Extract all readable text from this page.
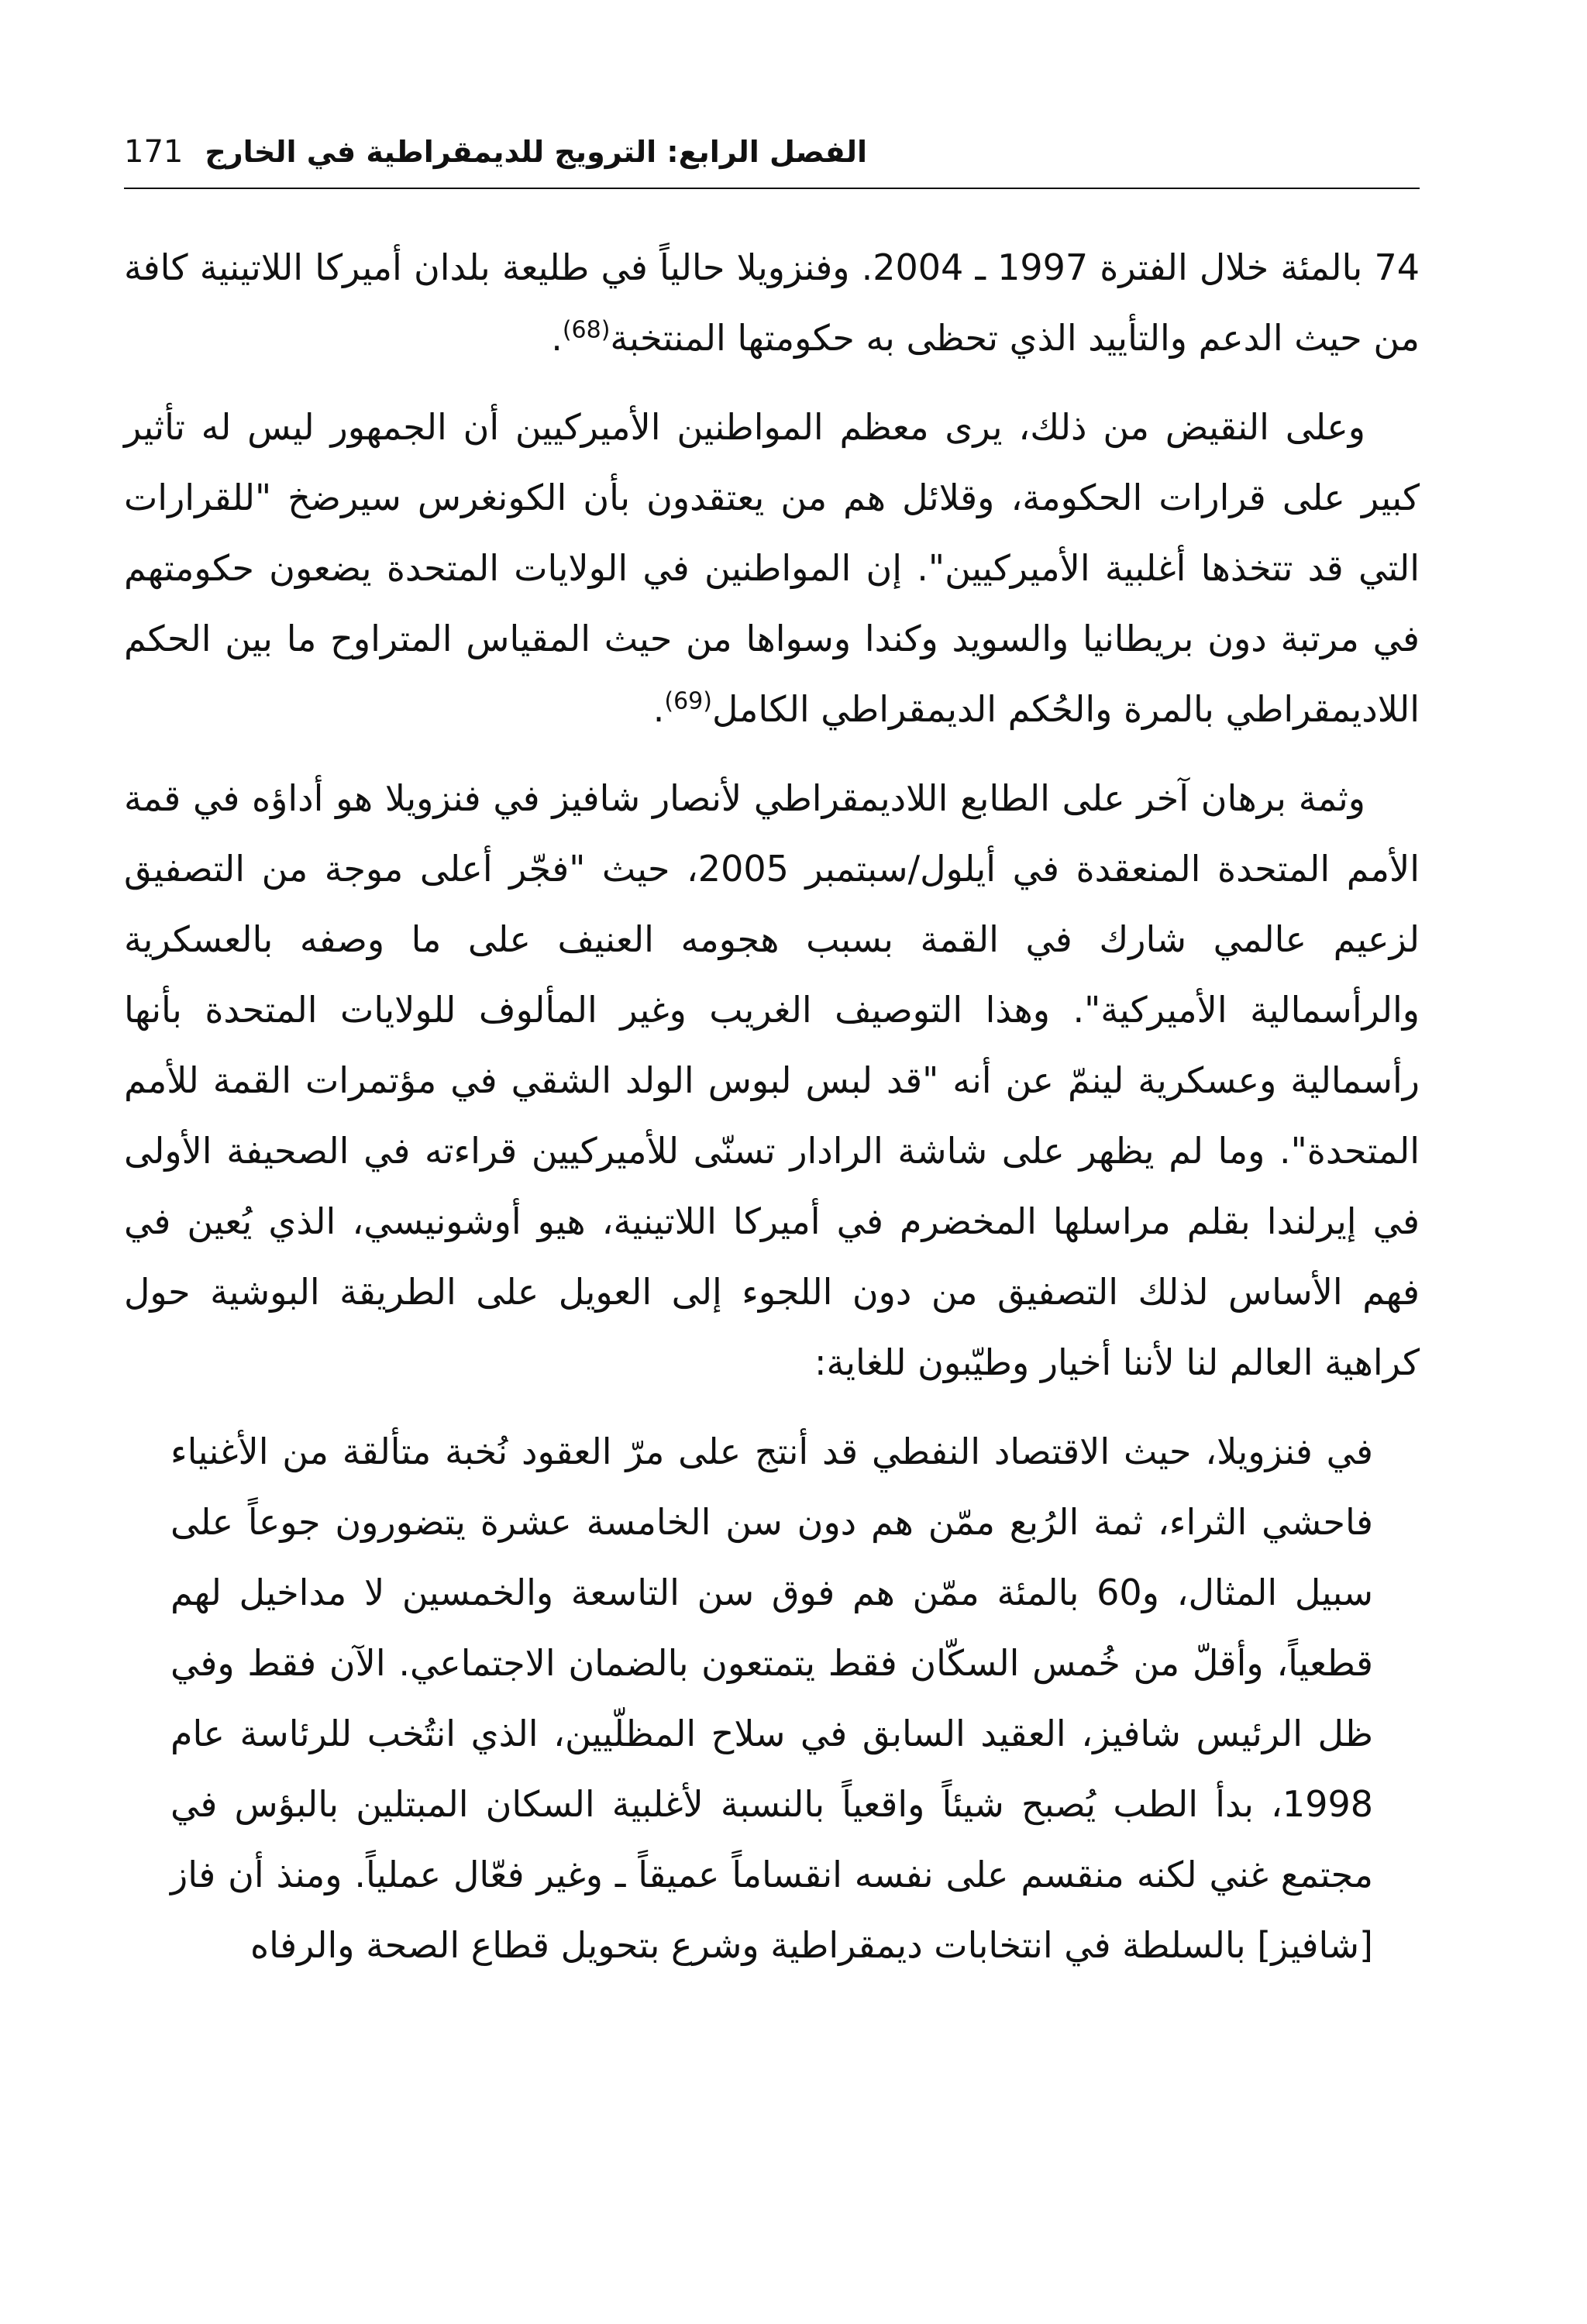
الفصل الرابع: الترويج للديمقراطية في الخارج
171

74 بالمئة خلال الفترة 1997 ـ 2004. وفنزويلا حالياً في طليعة بلدان أميركا اللاتينية كافة من حيث الدعم والتأييد الذي تحظى به حكومتها المنتخبة$^{(68)}$.

وعلى النقيض من ذلك، يرى معظم المواطنين الأميركيين أن الجمهور ليس له تأثير كبير على قرارات الحكومة، وقلائل هم من يعتقدون بأن الكونغرس سيرضخ "للقرارات التي قد تتخذها أغلبية الأميركيين". إن المواطنين في الولايات المتحدة يضعون حكومتهم في مرتبة دون بريطانيا والسويد وكندا وسواها من حيث المقياس المتراوح ما بين الحكم اللاديمقراطي بالمرة والحُكم الديمقراطي الكامل$^{(69)}$.

وثمة برهان آخر على الطابع اللاديمقراطي لأنصار شافيز في فنزويلا هو أداؤه في قمة الأمم المتحدة المنعقدة في أيلول/سبتمبر 2005، حيث "فجّر أعلى موجة من التصفيق لزعيم عالمي شارك في القمة بسبب هجومه العنيف على ما وصفه بالعسكرية والرأسمالية الأميركية". وهذا التوصيف الغريب وغير المألوف للولايات المتحدة بأنها رأسمالية وعسكرية لينمّ عن أنه "قد لبس لبوس الولد الشقي في مؤتمرات القمة للأمم المتحدة". وما لم يظهر على شاشة الرادار تسنّى للأميركيين قراءته في الصحيفة الأولى في إيرلندا بقلم مراسلها المخضرم في أميركا اللاتينية، هيو أوشونيسي، الذي يُعين في فهم الأساس لذلك التصفيق من دون اللجوء إلى العويل على الطريقة البوشية حول كراهية العالم لنا لأننا أخيار وطيّبون للغاية:

في فنزويلا، حيث الاقتصاد النفطي قد أنتج على مرّ العقود نُخبة متألقة من الأغنياء فاحشي الثراء، ثمة الرُبع ممّن هم دون سن الخامسة عشرة يتضورون جوعاً على سبيل المثال، و60 بالمئة ممّن هم فوق سن التاسعة والخمسين لا مداخيل لهم قطعياً، وأقلّ من خُمس السكّان فقط يتمتعون بالضمان الاجتماعي. الآن فقط وفي ظل الرئيس شافيز، العقيد السابق في سلاح المظلّيين، الذي انتُخب للرئاسة عام 1998، بدأ الطب يُصبح شيئاً واقعياً بالنسبة لأغلبية السكان المبتلين بالبؤس في مجتمع غني لكنه منقسم على نفسه انقساماً عميقاً ـ وغير فعّال عملياً. ومنذ أن فاز [شافيز] بالسلطة في انتخابات ديمقراطية وشرع بتحويل قطاع الصحة والرفاه
